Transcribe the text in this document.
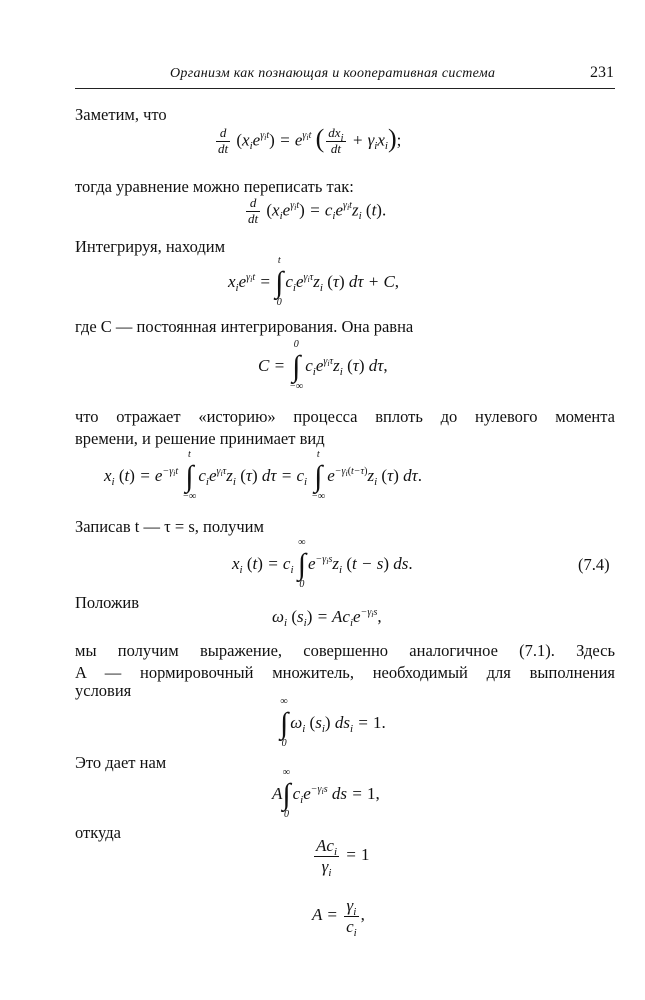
Организм как познающая и кооперативная система	231
Заметим, что
$\frac{d}{dt} (x_ie^{\gamma_it}) = e^{\gamma_it}$ ( $\frac{dx_i}{dt} + \gamma_ix_i$);
тогда уравнение можно переписать так:
$\frac{d}{dt} (x_ie^{\gamma_it}) = c_ie^{\gamma_it}z_i$ (t).
Интегрируя, находим
$x_ie^{\gamma_it}$ =
t
∫
0
$c_ie^{\gamma_i\tau}z_i$ (τ) dτ + C,
где C — постоянная интегрирования. Она равна
C =
0
∫
−∞
$c_ie^{\gamma_i\tau}z_i$ (τ) dτ,
что отражает «историю» процесса вплоть до нулевого момента
времени, и решение принимает вид
$x_i$ $(t) = e^{-\gamma_it}$
t
∫
−∞
$c_ie^{\gamma_i\tau}z_i$ (τ) $d\tau = c_i$
t
∫
−∞
$e^{-\gamma_i(t-\tau)}z_i$ (τ) dτ.
Записав t — τ = s, получим
$x_i$ $(t) = c_i$
∞
∫
0
$e^{-\gamma_is}z_i$ (t − s) ds.	(7.4)
Положив
$\omega_i$ $(s_i) = Ac_ie^{-\gamma_is}$,
мы получим выражение, совершенно аналогичное (7.1). Здесь
A — нормировочный множитель, необходимый для выполнения
условия
∞
∫
0
$\omega_i$ $(s_i) ds_i = 1$.
Это дает нам
A
∞
∫
0
$c_ie^{-\gamma_is}$ ds = 1,
откуда
$\frac{Ac_i}{\gamma_i} = 1$
$A = \frac{\gamma_i}{c_i}$ ,
